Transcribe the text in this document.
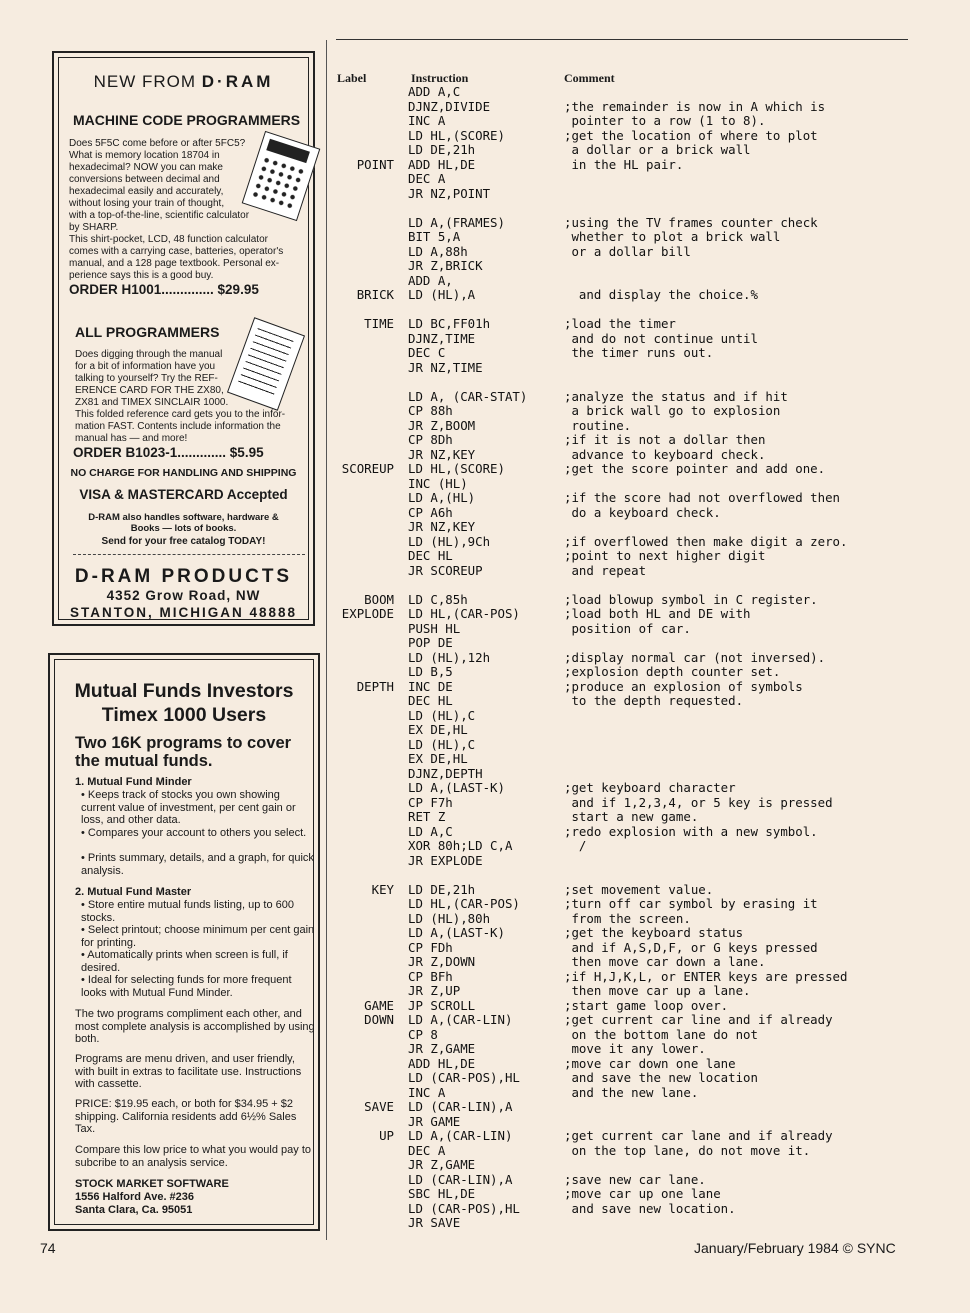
NEW FROM D·RAM
MACHINE CODE PROGRAMMERS
Does 5F5C come before or after 5FC5?
What is memory location 18704 in
hexadecimal? NOW you can make
conversions between decimal and
hexadecimal easily and accurately,
without losing your train of thought,
with a top-of-the-line, scientific calculator
by SHARP.
This shirt-pocket, LCD, 48 function calculator
comes with a carrying case, batteries, operator's
manual, and a 128 page textbook. Personal ex-
perience says this is a good buy.
ORDER H1001.............. $29.95
ALL PROGRAMMERS
Does digging through the manual
for a bit of information have you
talking to yourself? Try the REF-
ERENCE CARD FOR THE ZX80,
ZX81 and TIMEX SINCLAIR 1000.
This folded reference card gets you to the infor-
mation FAST. Contents include information the
manual has — and more!
ORDER B1023-1............. $5.95
NO CHARGE FOR HANDLING AND SHIPPING
VISA & MASTERCARD Accepted
D-RAM also handles software, hardware &
Books — lots of books.
Send for your free catalog TODAY!
D-RAM PRODUCTS
4352 Grow Road, NW
STANTON, MICHIGAN 48888
Mutual Funds Investors
Timex 1000 Users
Two 16K programs to cover
the mutual funds.
1. Mutual Fund Minder
• Keeps track of stocks you own showing current value of investment, per cent gain or loss, and other data.
• Compares your account to others you select.
• Prints summary, details, and a graph, for quick analysis.
2. Mutual Fund Master
• Store entire mutual funds listing, up to 600 stocks.
• Select printout; choose minimum per cent gain for printing.
• Automatically prints when screen is full, if desired.
• Ideal for selecting funds for more frequent looks with Mutual Fund Minder.
The two programs compliment each other, and most complete analysis is accomplished by using both.
Programs are menu driven, and user friendly, with built in extras to facilitate use. Instructions with cassette.
PRICE: $19.95 each, or both for $34.95 + $2 shipping. California residents add 6½% Sales Tax.
Compare this low price to what you would pay to subcribe to an analysis service.
STOCK MARKET SOFTWARE
1556 Halford Ave. #236
Santa Clara, Ca. 95051
Label	Instruction	Comment
ADD A,C
DJNZ,DIVIDE	;the remainder is now in A which is
INC A	pointer to a row (1 to 8).
LD HL,(SCORE)	;get the location of where to plot
LD DE,21h	a dollar or a brick wall
POINT ADD HL,DE	in the HL pair.
DEC A
JR NZ,POINT
LD A,(FRAMES)	;using the TV frames counter check
BIT 5,A	whether to plot a brick wall
LD A,88h	or a dollar bill
JR Z,BRICK
ADD A,
BRICK LD (HL),A	and display the choice.%
TIME LD BC,FF01h	;load the timer
DJNZ,TIME	and do not continue until
DEC C	the timer runs out.
JR NZ,TIME
LD A, (CAR-STAT)	;analyze the status and if hit
CP 88h	a brick wall go to explosion
JR Z,BOOM	routine.
CP 8Dh	;if it is not a dollar then
JR NZ,KEY	advance to keyboard check.
SCOREUP LD HL,(SCORE)	;get the score pointer and add one.
INC (HL)
LD A,(HL)	;if the score had not overflowed then
CP A6h	do a keyboard check.
JR NZ,KEY
LD (HL),9Ch	;if overflowed then make digit a zero.
DEC HL	;point to next higher digit
JR SCOREUP	and repeat
BOOM LD C,85h	;load blowup symbol in C register.
EXPLODE LD HL,(CAR-POS)	;load both HL and DE with
PUSH HL	position of car.
POP DE
LD (HL),12h	;display normal car (not inversed).
LD B,5	;explosion depth counter set.
DEPTH INC DE	;produce an explosion of symbols
DEC HL	to the depth requested.
LD (HL),C
EX DE,HL
LD (HL),C
EX DE,HL
DJNZ,DEPTH
LD A,(LAST-K)	;get keyboard character
CP F7h	and if 1,2,3,4, or 5 key is pressed
RET Z	start a new game.
LD A,C	;redo explosion with a new symbol.
XOR 80h;LD C,A	/
JR EXPLODE
KEY LD DE,21h	;set movement value.
LD HL,(CAR-POS)	;turn off car symbol by erasing it
LD (HL),80h	from the screen.
LD A,(LAST-K)	;get the keyboard status
CP FDh	and if A,S,D,F, or G keys pressed
JR Z,DOWN	then move car down a lane.
CP BFh	;if H,J,K,L, or ENTER keys are pressed
JR Z,UP	then move car up a lane.
GAME JP SCROLL	;start game loop over.
DOWN LD A,(CAR-LIN)	;get current car line and if already
CP 8	on the bottom lane do not
JR Z,GAME	move it any lower.
ADD HL,DE	;move car down one lane
LD (CAR-POS),HL	and save the new location
INC A	and the new lane.
SAVE LD (CAR-LIN),A
JR GAME
UP LD A,(CAR-LIN)	;get current car lane and if already
DEC A	on the top lane, do not move it.
JR Z,GAME
LD (CAR-LIN),A	;save new car lane.
SBC HL,DE	;move car up one lane
LD (CAR-POS),HL	and save new location.
JR SAVE
74	January/February 1984 © SYNC
